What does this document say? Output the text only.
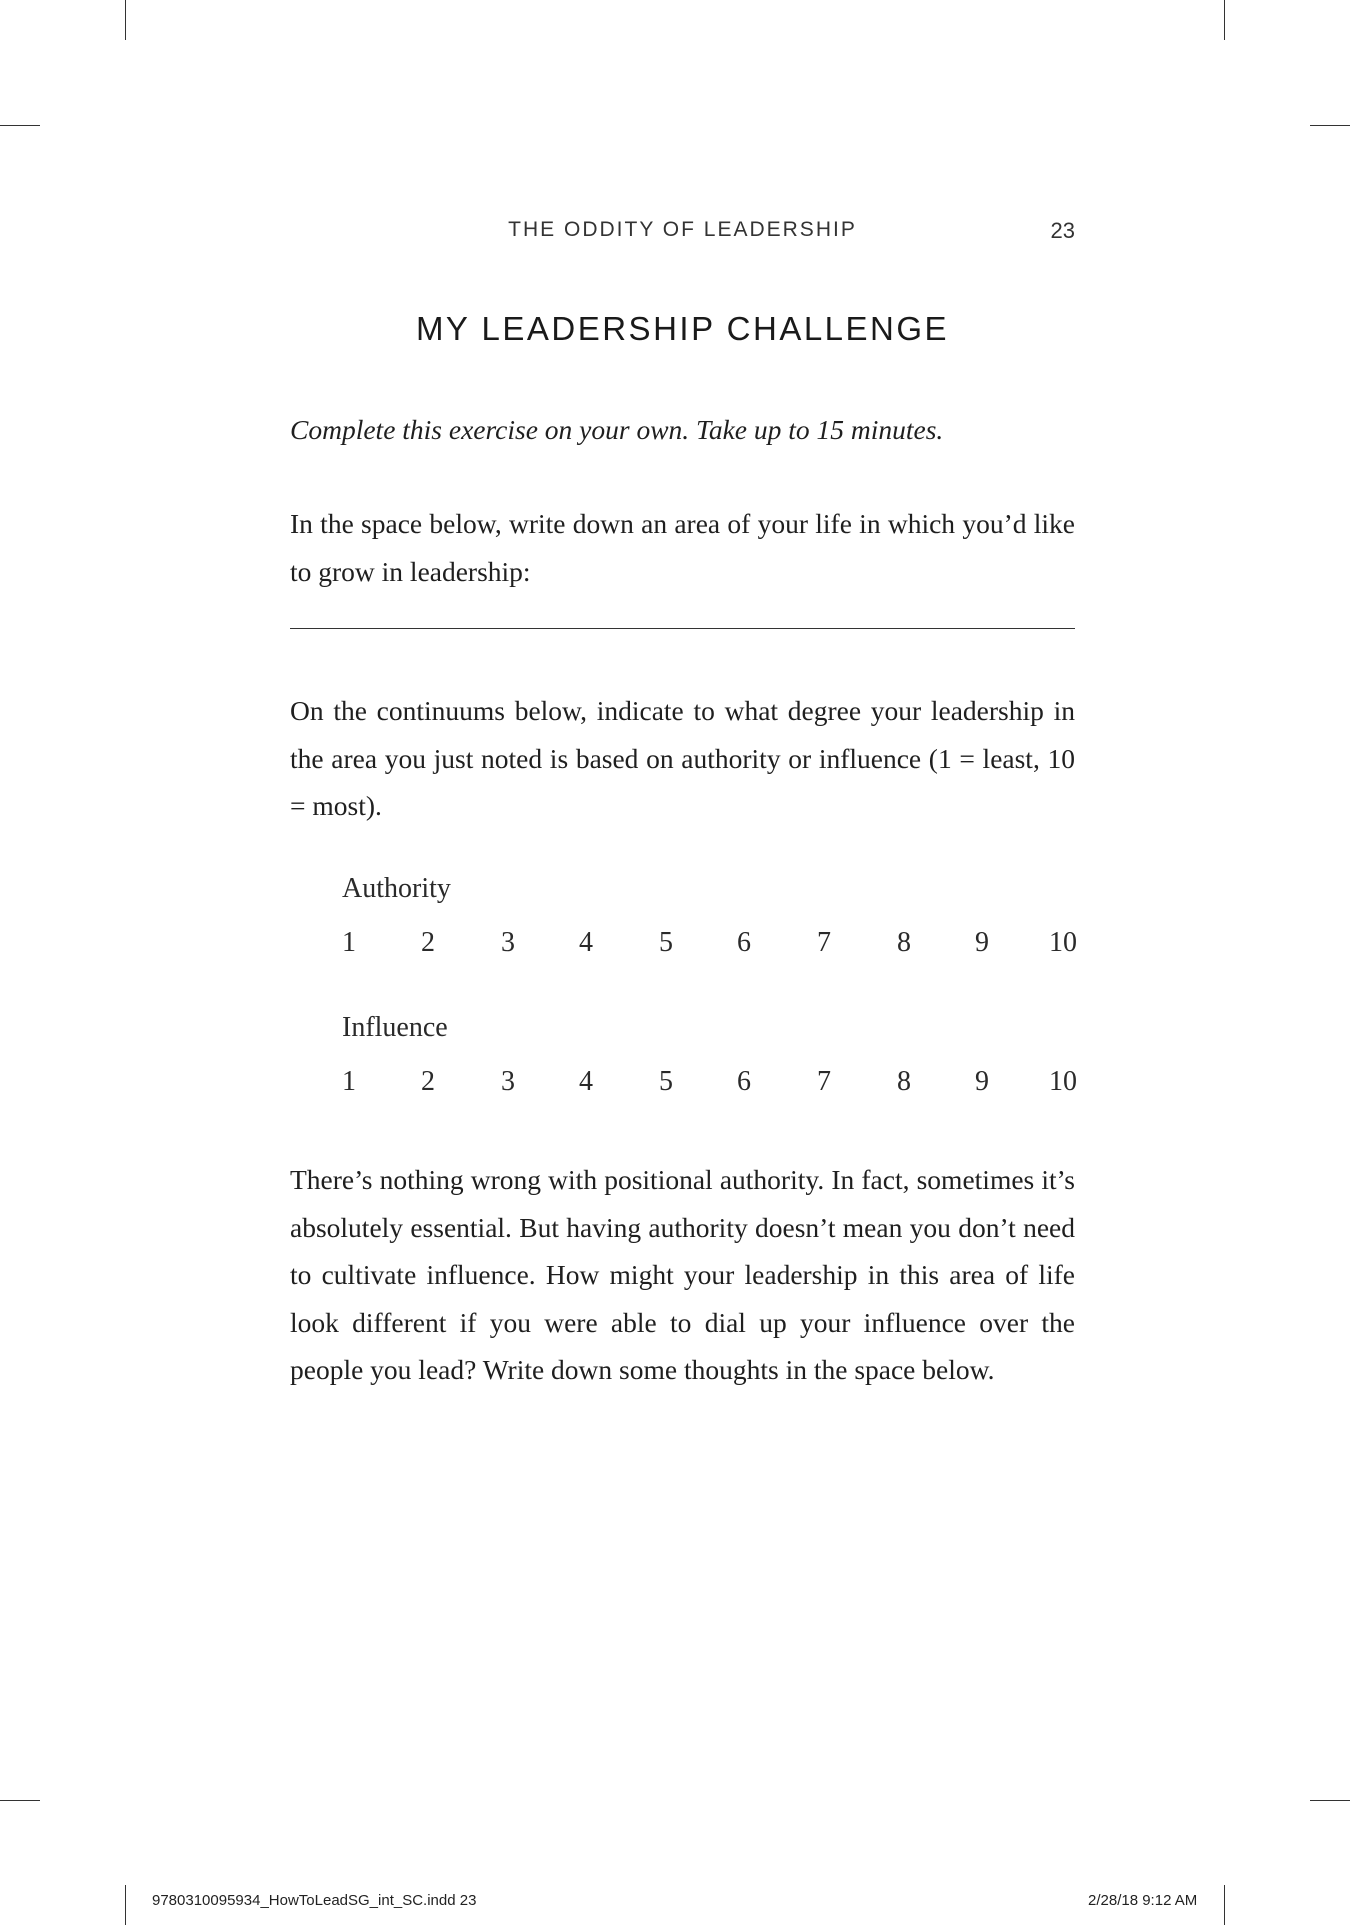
THE ODDITY OF LEADERSHIP	23
MY LEADERSHIP CHALLENGE
Complete this exercise on your own. Take up to 15 minutes.
In the space below, write down an area of your life in which you’d like to grow in leadership:
On the continuums below, indicate to what degree your leadership in the area you just noted is based on authority or influence (1 = least, 10 = most).
Authority
1 2 3 4 5 6 7 8 9 10
Influence
1 2 3 4 5 6 7 8 9 10
There’s nothing wrong with positional authority. In fact, sometimes it’s absolutely essential. But having authority doesn’t mean you don’t need to cultivate influence. How might your leadership in this area of life look different if you were able to dial up your influence over the people you lead? Write down some thoughts in the space below.
9780310095934_HowToLeadSG_int_SC.indd 23	2/28/18 9:12 AM
